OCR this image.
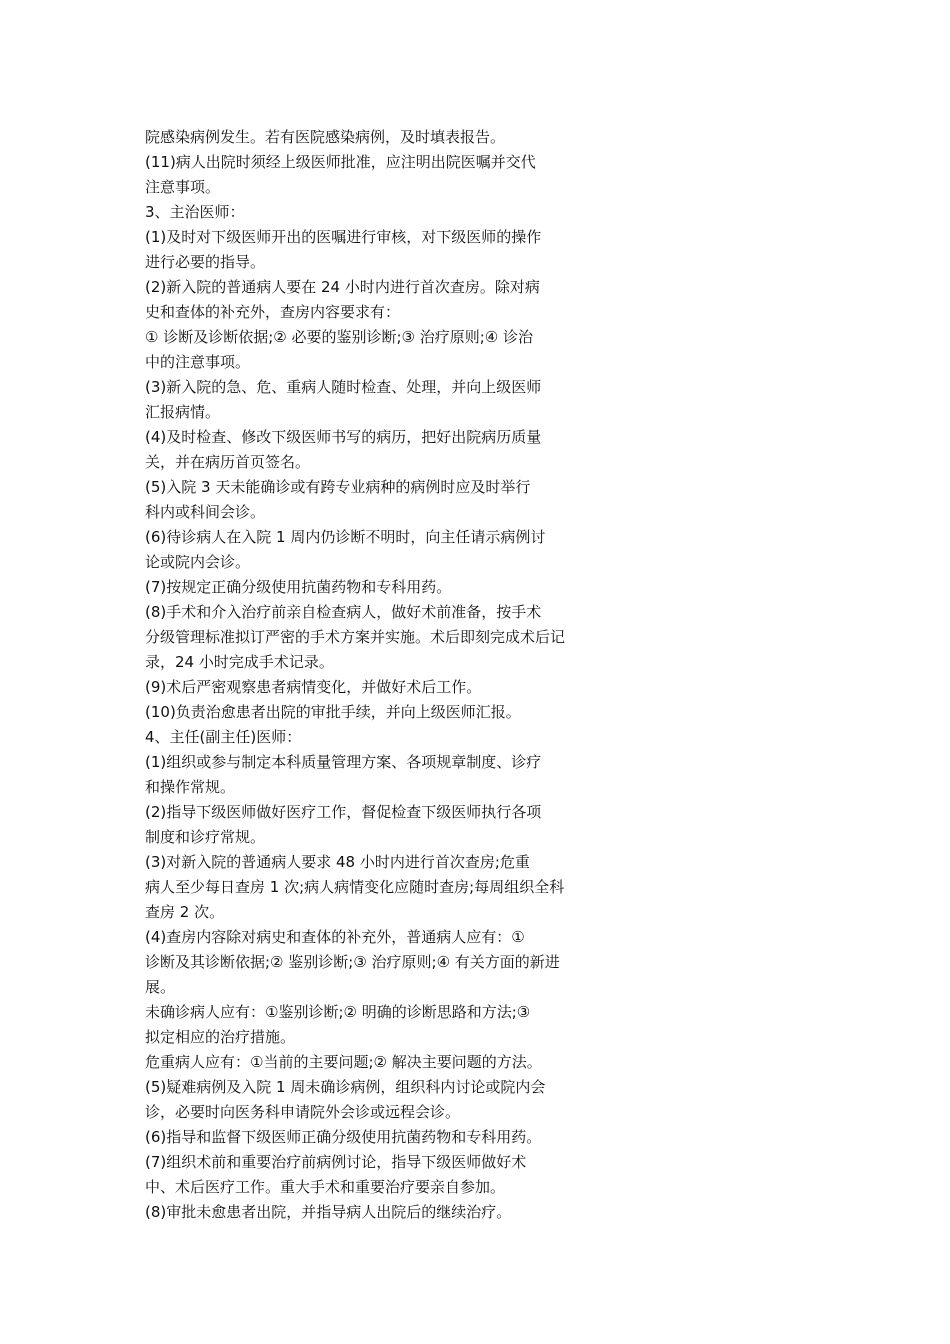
院感染病例发生。若有医院感染病例，及时填表报告。
(11)病人出院时须经上级医师批准，应注明出院医嘱并交代
注意事项。
3、主治医师：
(1)及时对下级医师开出的医嘱进行审核，对下级医师的操作
进行必要的指导。
(2)新入院的普通病人要在 24 小时内进行首次查房。除对病
史和查体的补充外，查房内容要求有：
① 诊断及诊断依据;② 必要的鉴别诊断;③ 治疗原则;④ 诊治
中的注意事项。
(3)新入院的急、危、重病人随时检查、处理，并向上级医师
汇报病情。
(4)及时检查、修改下级医师书写的病历，把好出院病历质量
关，并在病历首页签名。
(5)入院 3 天未能确诊或有跨专业病种的病例时应及时举行
科内或科间会诊。
(6)待诊病人在入院 1 周内仍诊断不明时，向主任请示病例讨
论或院内会诊。
(7)按规定正确分级使用抗菌药物和专科用药。
(8)手术和介入治疗前亲自检查病人，做好术前准备，按手术
分级管理标准拟订严密的手术方案并实施。术后即刻完成术后记
录，24 小时完成手术记录。
(9)术后严密观察患者病情变化，并做好术后工作。
(10)负责治愈患者出院的审批手续，并向上级医师汇报。
4、主任(副主任)医师：
(1)组织或参与制定本科质量管理方案、各项规章制度、诊疗
和操作常规。
(2)指导下级医师做好医疗工作，督促检查下级医师执行各项
制度和诊疗常规。
(3)对新入院的普通病人要求 48 小时内进行首次查房;危重
病人至少每日查房 1 次;病人病情变化应随时查房;每周组织全科
查房 2 次。
(4)查房内容除对病史和查体的补充外，普通病人应有：①
诊断及其诊断依据;② 鉴别诊断;③ 治疗原则;④ 有关方面的新进
展。
未确诊病人应有：①鉴别诊断;② 明确的诊断思路和方法;③
拟定相应的治疗措施。
危重病人应有：①当前的主要问题;② 解决主要问题的方法。
(5)疑难病例及入院 1 周未确诊病例，组织科内讨论或院内会
诊，必要时向医务科申请院外会诊或远程会诊。
(6)指导和监督下级医师正确分级使用抗菌药物和专科用药。
(7)组织术前和重要治疗前病例讨论，指导下级医师做好术
中、术后医疗工作。重大手术和重要治疗要亲自参加。
(8)审批未愈患者出院，并指导病人出院后的继续治疗。
